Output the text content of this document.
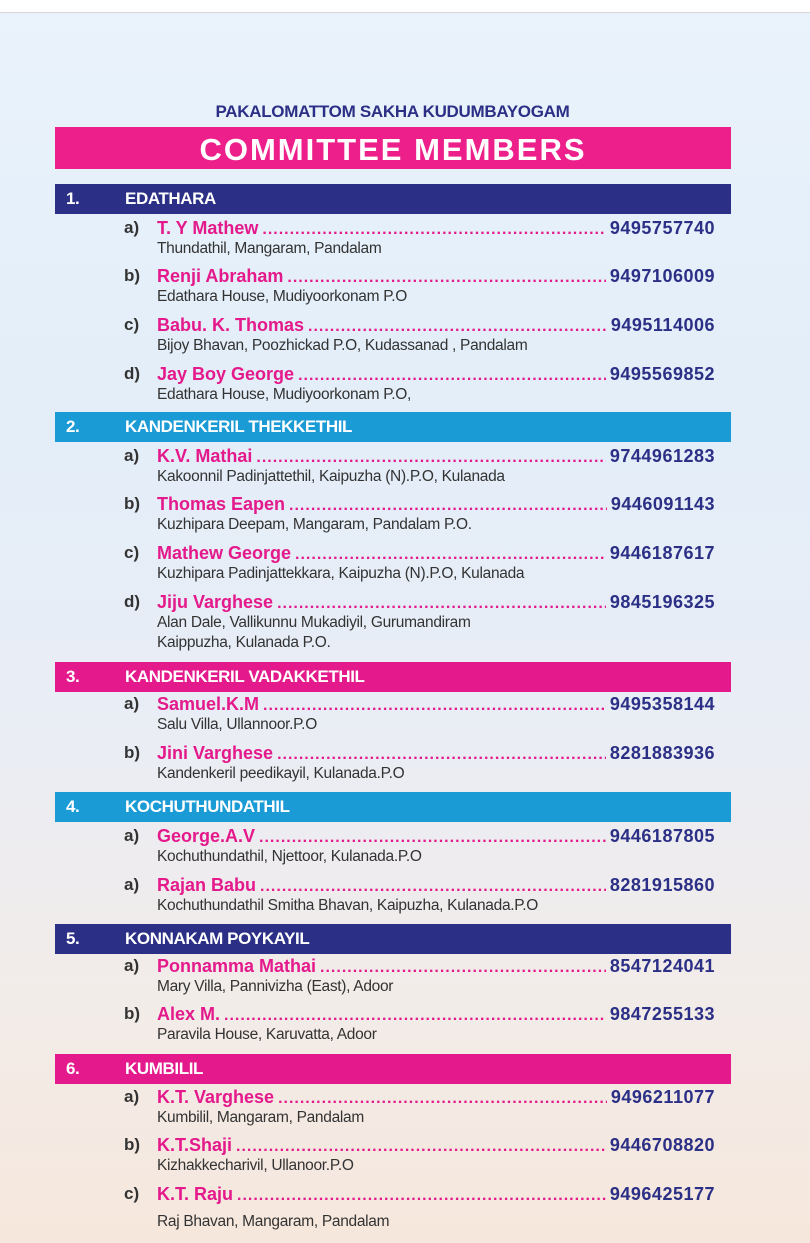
PAKALOMATTOM SAKHA KUDUMBAYOGAM
COMMITTEE MEMBERS
1.	EDATHARA
a) T. Y Mathew .....	9495757740
Thundathil, Mangaram, Pandalam
b) Renji Abraham .....	9497106009
Edathara House, Mudiyoorkonam P.O
c) Babu. K. Thomas .....	9495114006
Bijoy Bhavan, Poozhickad P.O, Kudassanad , Pandalam
d) Jay Boy George .....	9495569852
Edathara House, Mudiyoorkonam P.O,
2.	KANDENKERIL THEKKETHIL
a) K.V. Mathai .....	9744961283
Kakoonnil Padinjattethil, Kaipuzha (N).P.O, Kulanada
b) Thomas Eapen .....	9446091143
Kuzhipara Deepam, Mangaram, Pandalam P.O.
c) Mathew George .....	9446187617
Kuzhipara Padinjattekkara, Kaipuzha (N).P.O, Kulanada
d) Jiju Varghese .....	9845196325
Alan Dale, Vallikunnu Mukadiyil, Gurumandiram
Kaippuzha, Kulanada P.O.
3.	KANDENKERIL VADAKKETHIL
a) Samuel.K.M .....	9495358144
Salu Villa, Ullannoor.P.O
b) Jini Varghese .....	8281883936
Kandenkeril peedikayil, Kulanada.P.O
4.	KOCHUTHUNDATHIL
a) George.A.V .....	9446187805
Kochuthundathil, Njettoor, Kulanada.P.O
a) Rajan Babu .....	8281915860
Kochuthundathil Smitha Bhavan, Kaipuzha, Kulanada.P.O
5.	KONNAKAM POYKAYIL
a) Ponnamma Mathai .....	8547124041
Mary Villa, Pannivizha (East), Adoor
b) Alex M. .....	9847255133
Paravila House, Karuvatta, Adoor
6.	KUMBILIL
a) K.T. Varghese .....	9496211077
Kumbilil, Mangaram, Pandalam
b) K.T.Shaji .....	9446708820
Kizhakkecharivil, Ullanoor.P.O
c) K.T. Raju .....	9496425177
Raj Bhavan, Mangaram, Pandalam
